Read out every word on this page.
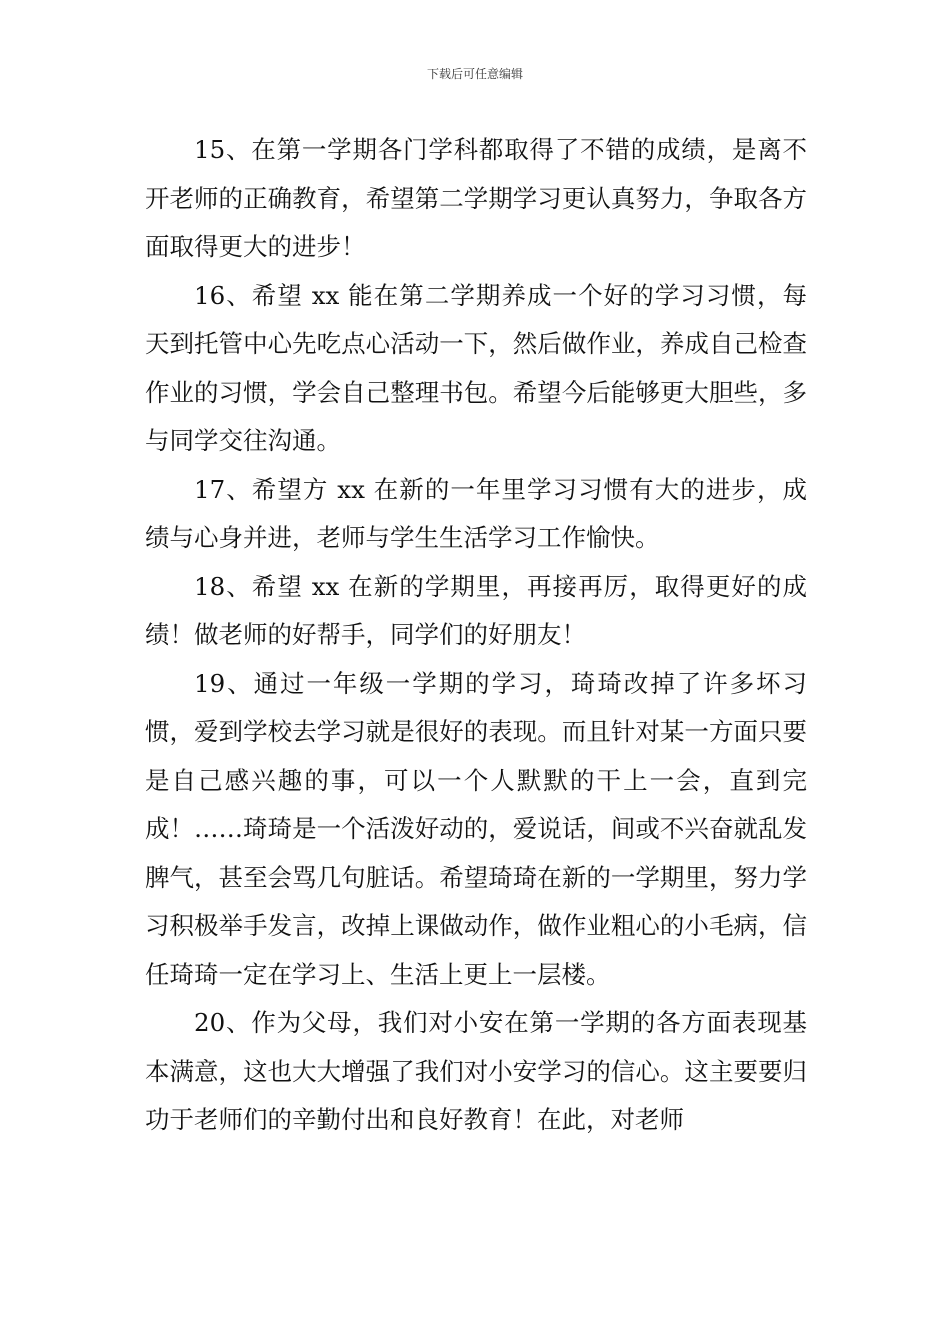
下载后可任意编辑

15、在第一学期各门学科都取得了不错的成绩，是离不开老师的正确教育，希望第二学期学习更认真努力，争取各方面取得更大的进步！

16、希望 xx 能在第二学期养成一个好的学习习惯，每天到托管中心先吃点心活动一下，然后做作业，养成自己检查作业的习惯，学会自己整理书包。希望今后能够更大胆些，多与同学交往沟通。

17、希望方 xx 在新的一年里学习习惯有大的进步，成绩与心身并进，老师与学生生活学习工作愉快。

18、希望 xx 在新的学期里，再接再厉，取得更好的成绩！做老师的好帮手，同学们的好朋友！

19、通过一年级一学期的学习，琦琦改掉了许多坏习惯，爱到学校去学习就是很好的表现。而且针对某一方面只要是自己感兴趣的事，可以一个人默默的干上一会，直到完成！……琦琦是一个活泼好动的，爱说话，间或不兴奋就乱发脾气，甚至会骂几句脏话。希望琦琦在新的一学期里，努力学习积极举手发言，改掉上课做动作，做作业粗心的小毛病，信任琦琦一定在学习上、生活上更上一层楼。

20、作为父母，我们对小安在第一学期的各方面表现基本满意，这也大大增强了我们对小安学习的信心。这主要要归功于老师们的辛勤付出和良好教育！在此，对老师
